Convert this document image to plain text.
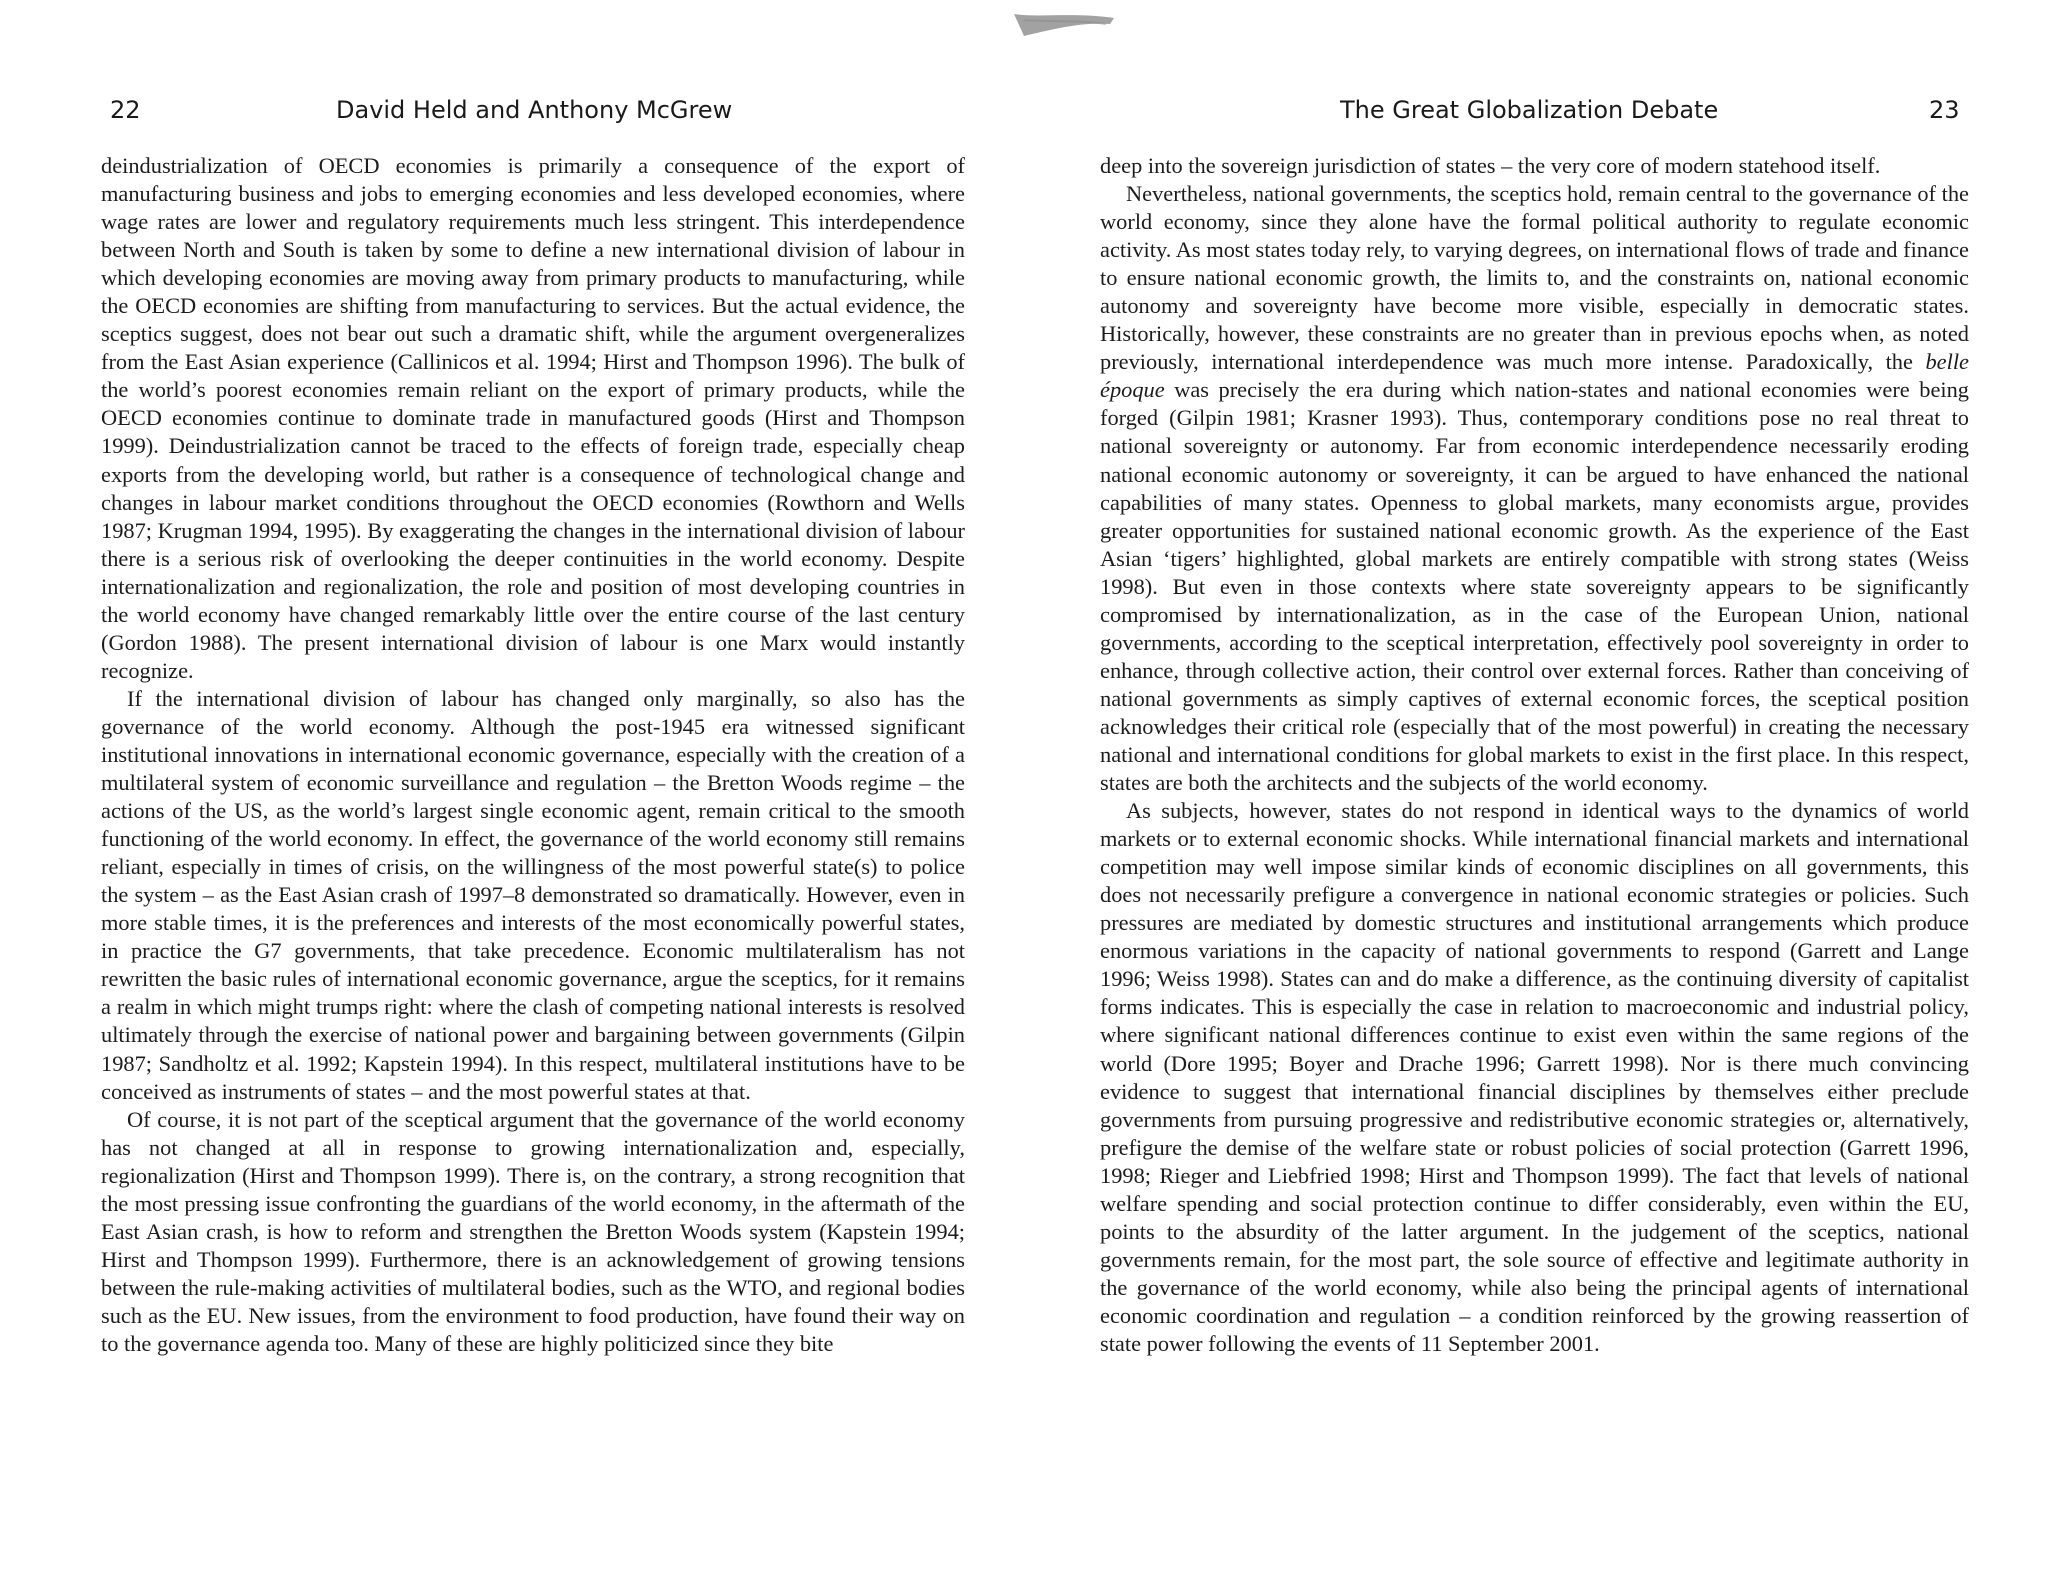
22	David Held and Anthony McGrew

deindustrialization of OECD economies is primarily a consequence of the export of manufacturing business and jobs to emerging economies and less developed economies, where wage rates are lower and regulatory requirements much less stringent. This interdependence between North and South is taken by some to define a new international division of labour in which developing economies are moving away from primary products to manufacturing, while the OECD economies are shifting from manufacturing to services. But the actual evidence, the sceptics suggest, does not bear out such a dramatic shift, while the argument overgeneralizes from the East Asian experience (Callinicos et al. 1994; Hirst and Thompson 1996). The bulk of the world’s poorest economies remain reliant on the export of primary products, while the OECD economies continue to dominate trade in manufactured goods (Hirst and Thompson 1999). Deindustrialization cannot be traced to the effects of foreign trade, especially cheap exports from the developing world, but rather is a consequence of technological change and changes in labour market conditions throughout the OECD economies (Rowthorn and Wells 1987; Krugman 1994, 1995). By exaggerating the changes in the international division of labour there is a serious risk of overlooking the deeper continuities in the world economy. Despite internationalization and regionalization, the role and position of most developing countries in the world economy have changed remarkably little over the entire course of the last century (Gordon 1988). The present international division of labour is one Marx would instantly recognize.

If the international division of labour has changed only marginally, so also has the governance of the world economy. Although the post-1945 era witnessed significant institutional innovations in international economic governance, especially with the creation of a multilateral system of economic surveillance and regulation – the Bretton Woods regime – the actions of the US, as the world’s largest single economic agent, remain critical to the smooth functioning of the world economy. In effect, the governance of the world economy still remains reliant, especially in times of crisis, on the willingness of the most powerful state(s) to police the system – as the East Asian crash of 1997–8 demonstrated so dramatically. However, even in more stable times, it is the preferences and interests of the most economically powerful states, in practice the G7 governments, that take precedence. Economic multilateralism has not rewritten the basic rules of international economic governance, argue the sceptics, for it remains a realm in which might trumps right: where the clash of competing national interests is resolved ultimately through the exercise of national power and bargaining between governments (Gilpin 1987; Sandholtz et al. 1992; Kapstein 1994). In this respect, multilateral institutions have to be conceived as instruments of states – and the most powerful states at that.

Of course, it is not part of the sceptical argument that the governance of the world economy has not changed at all in response to growing internationalization and, especially, regionalization (Hirst and Thompson 1999). There is, on the contrary, a strong recognition that the most pressing issue confronting the guardians of the world economy, in the aftermath of the East Asian crash, is how to reform and strengthen the Bretton Woods system (Kapstein 1994; Hirst and Thompson 1999). Furthermore, there is an acknowledgement of growing tensions between the rule-making activities of multilateral bodies, such as the WTO, and regional bodies such as the EU. New issues, from the environment to food production, have found their way on to the governance agenda too. Many of these are highly politicized since they bite

The Great Globalization Debate	23

deep into the sovereign jurisdiction of states – the very core of modern statehood itself.

Nevertheless, national governments, the sceptics hold, remain central to the governance of the world economy, since they alone have the formal political authority to regulate economic activity. As most states today rely, to varying degrees, on international flows of trade and finance to ensure national economic growth, the limits to, and the constraints on, national economic autonomy and sovereignty have become more visible, especially in democratic states. Historically, however, these constraints are no greater than in previous epochs when, as noted previously, international interdependence was much more intense. Paradoxically, the belle époque was precisely the era during which nation-states and national economies were being forged (Gilpin 1981; Krasner 1993). Thus, contemporary conditions pose no real threat to national sovereignty or autonomy. Far from economic interdependence necessarily eroding national economic autonomy or sovereignty, it can be argued to have enhanced the national capabilities of many states. Openness to global markets, many economists argue, provides greater opportunities for sustained national economic growth. As the experience of the East Asian ‘tigers’ highlighted, global markets are entirely compatible with strong states (Weiss 1998). But even in those contexts where state sovereignty appears to be significantly compromised by internationalization, as in the case of the European Union, national governments, according to the sceptical interpretation, effectively pool sovereignty in order to enhance, through collective action, their control over external forces. Rather than conceiving of national governments as simply captives of external economic forces, the sceptical position acknowledges their critical role (especially that of the most powerful) in creating the necessary national and international conditions for global markets to exist in the first place. In this respect, states are both the architects and the subjects of the world economy.

As subjects, however, states do not respond in identical ways to the dynamics of world markets or to external economic shocks. While international financial markets and international competition may well impose similar kinds of economic disciplines on all governments, this does not necessarily prefigure a convergence in national economic strategies or policies. Such pressures are mediated by domestic structures and institutional arrangements which produce enormous variations in the capacity of national governments to respond (Garrett and Lange 1996; Weiss 1998). States can and do make a difference, as the continuing diversity of capitalist forms indicates. This is especially the case in relation to macroeconomic and industrial policy, where significant national differences continue to exist even within the same regions of the world (Dore 1995; Boyer and Drache 1996; Garrett 1998). Nor is there much convincing evidence to suggest that international financial disciplines by themselves either preclude governments from pursuing progressive and redistributive economic strategies or, alternatively, prefigure the demise of the welfare state or robust policies of social protection (Garrett 1996, 1998; Rieger and Liebfried 1998; Hirst and Thompson 1999). The fact that levels of national welfare spending and social protection continue to differ considerably, even within the EU, points to the absurdity of the latter argument. In the judgement of the sceptics, national governments remain, for the most part, the sole source of effective and legitimate authority in the governance of the world economy, while also being the principal agents of international economic coordination and regulation – a condition reinforced by the growing reassertion of state power following the events of 11 September 2001.
